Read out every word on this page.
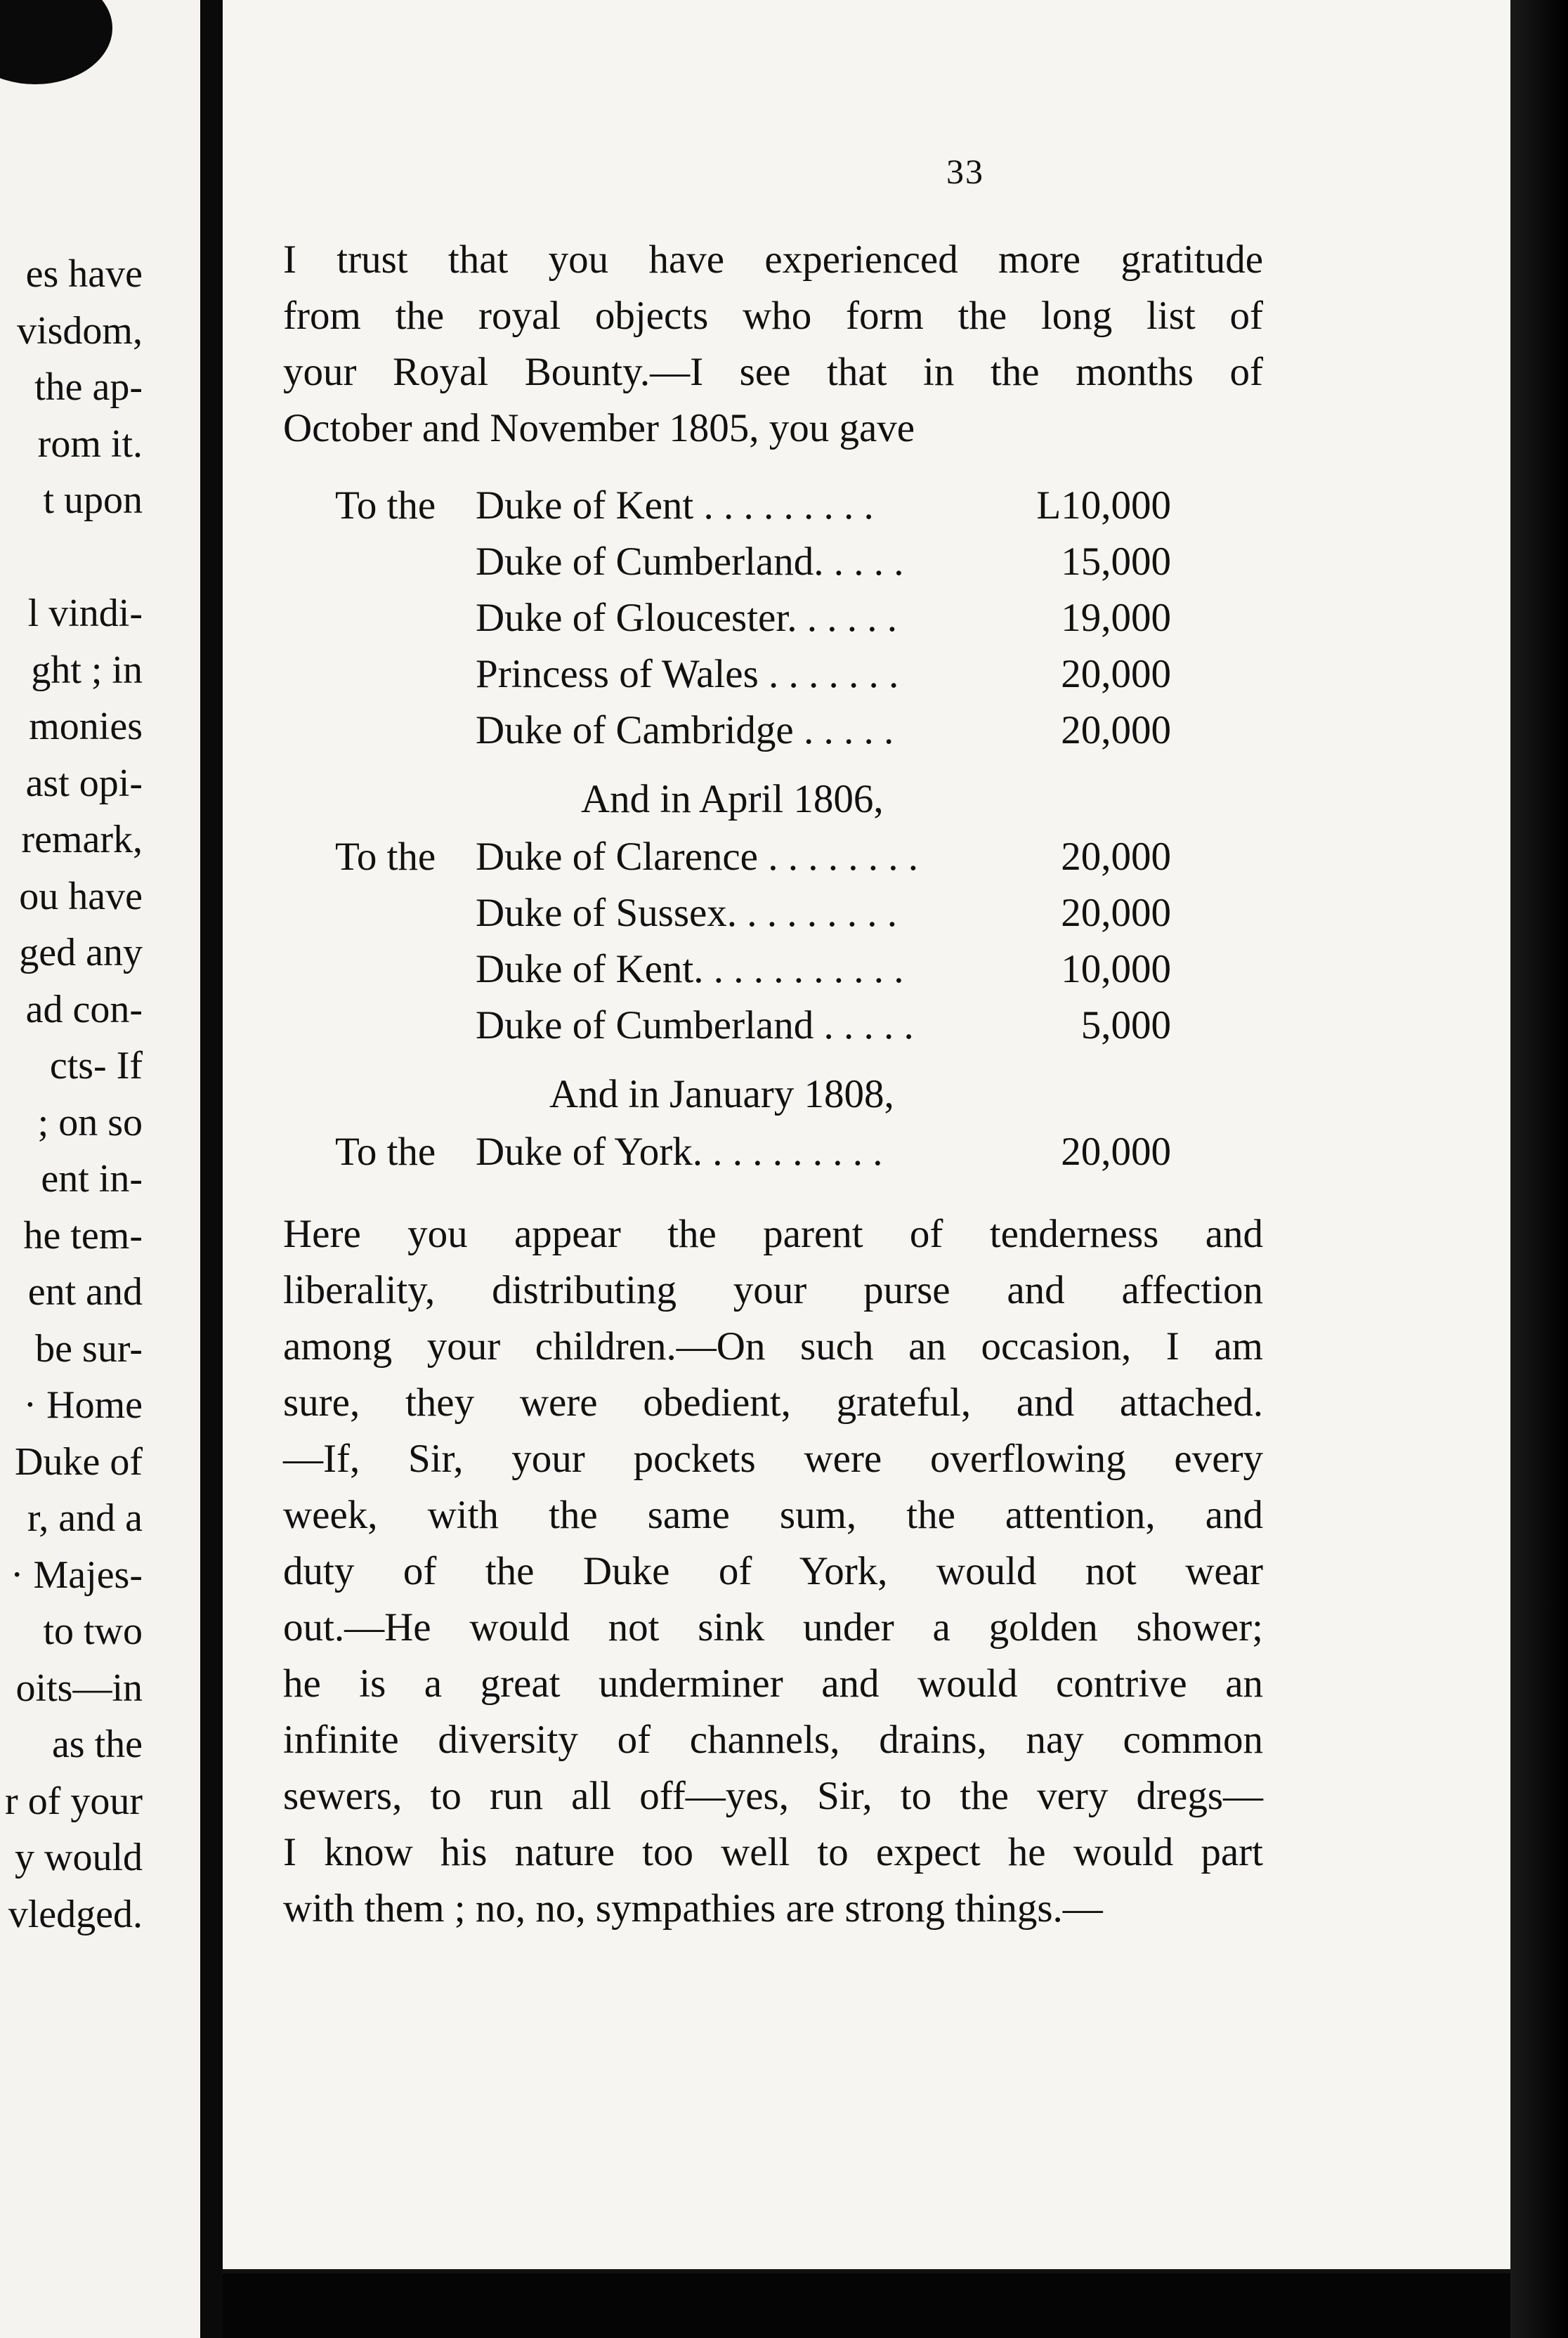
es have
visdom,
the ap-
rom it.
t upon
l vindi-
ght ; in
monies
ast opi-
remark,
ou have
ged any
ad con-
cts- If
; on so
ent in-
he tem-
ent and
be sur-
· Home
Duke of
r, and a
· Majes-
to two
oits—in
as the
r of your
y would
vledged.
33
I trust that you have experienced more gratitude
from the royal objects who form the long list of
your Royal Bounty.—I see that in the months of
October and November 1805, you gave
To the Duke of Kent . . . . . . . . .	L10,000
Duke of Cumberland. . . . .	15,000
Duke of Gloucester. . . . . .	19,000
Princess of Wales . . . . . . .	20,000
Duke of Cambridge . . . . .	20,000
And in April 1806,
To the Duke of Clarence . . . . . . . .	20,000
Duke of Sussex. . . . . . . . .	20,000
Duke of Kent. . . . . . . . . . .	10,000
Duke of Cumberland . . . . .	5,000
And in January 1808,
To the Duke of York. . . . . . . . . .	20,000
Here you appear the parent of tenderness and
liberality, distributing your purse and affection
among your children.—On such an occasion, I am
sure, they were obedient, grateful, and attached.
—If, Sir, your pockets were overflowing every
week, with the same sum, the attention, and
duty of the Duke of York, would not wear
out.—He would not sink under a golden shower;
he is a great underminer and would contrive an
infinite diversity of channels, drains, nay common
sewers, to run all off—yes, Sir, to the very dregs—
I know his nature too well to expect he would part
with them ; no, no, sympathies are strong things.—
